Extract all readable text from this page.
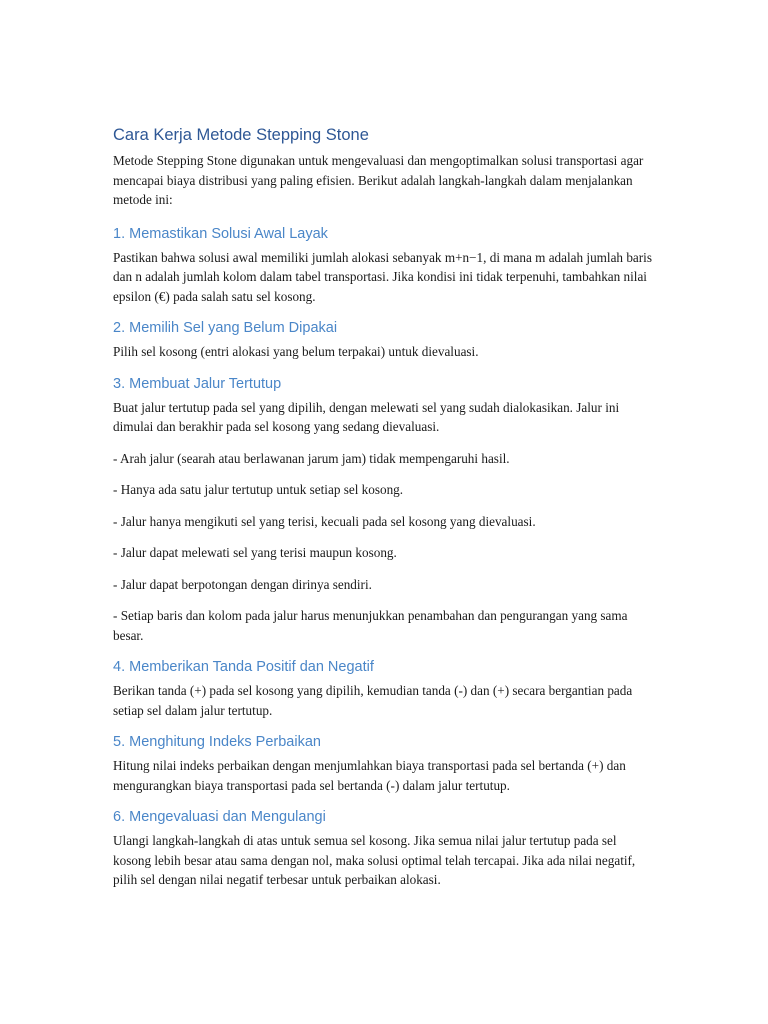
Cara Kerja Metode Stepping Stone

Metode Stepping Stone digunakan untuk mengevaluasi dan mengoptimalkan solusi transportasi agar mencapai biaya distribusi yang paling efisien. Berikut adalah langkah-langkah dalam menjalankan metode ini:

1. Memastikan Solusi Awal Layak

Pastikan bahwa solusi awal memiliki jumlah alokasi sebanyak m+n−1, di mana m adalah jumlah baris dan n adalah jumlah kolom dalam tabel transportasi. Jika kondisi ini tidak terpenuhi, tambahkan nilai epsilon (€) pada salah satu sel kosong.

2. Memilih Sel yang Belum Dipakai

Pilih sel kosong (entri alokasi yang belum terpakai) untuk dievaluasi.

3. Membuat Jalur Tertutup

Buat jalur tertutup pada sel yang dipilih, dengan melewati sel yang sudah dialokasikan. Jalur ini dimulai dan berakhir pada sel kosong yang sedang dievaluasi.

- Arah jalur (searah atau berlawanan jarum jam) tidak mempengaruhi hasil.

- Hanya ada satu jalur tertutup untuk setiap sel kosong.

- Jalur hanya mengikuti sel yang terisi, kecuali pada sel kosong yang dievaluasi.

- Jalur dapat melewati sel yang terisi maupun kosong.

- Jalur dapat berpotongan dengan dirinya sendiri.

- Setiap baris dan kolom pada jalur harus menunjukkan penambahan dan pengurangan yang sama besar.

4. Memberikan Tanda Positif dan Negatif

Berikan tanda (+) pada sel kosong yang dipilih, kemudian tanda (-) dan (+) secara bergantian pada setiap sel dalam jalur tertutup.

5. Menghitung Indeks Perbaikan

Hitung nilai indeks perbaikan dengan menjumlahkan biaya transportasi pada sel bertanda (+) dan mengurangkan biaya transportasi pada sel bertanda (-) dalam jalur tertutup.

6. Mengevaluasi dan Mengulangi

Ulangi langkah-langkah di atas untuk semua sel kosong. Jika semua nilai jalur tertutup pada sel kosong lebih besar atau sama dengan nol, maka solusi optimal telah tercapai. Jika ada nilai negatif, pilih sel dengan nilai negatif terbesar untuk perbaikan alokasi.
